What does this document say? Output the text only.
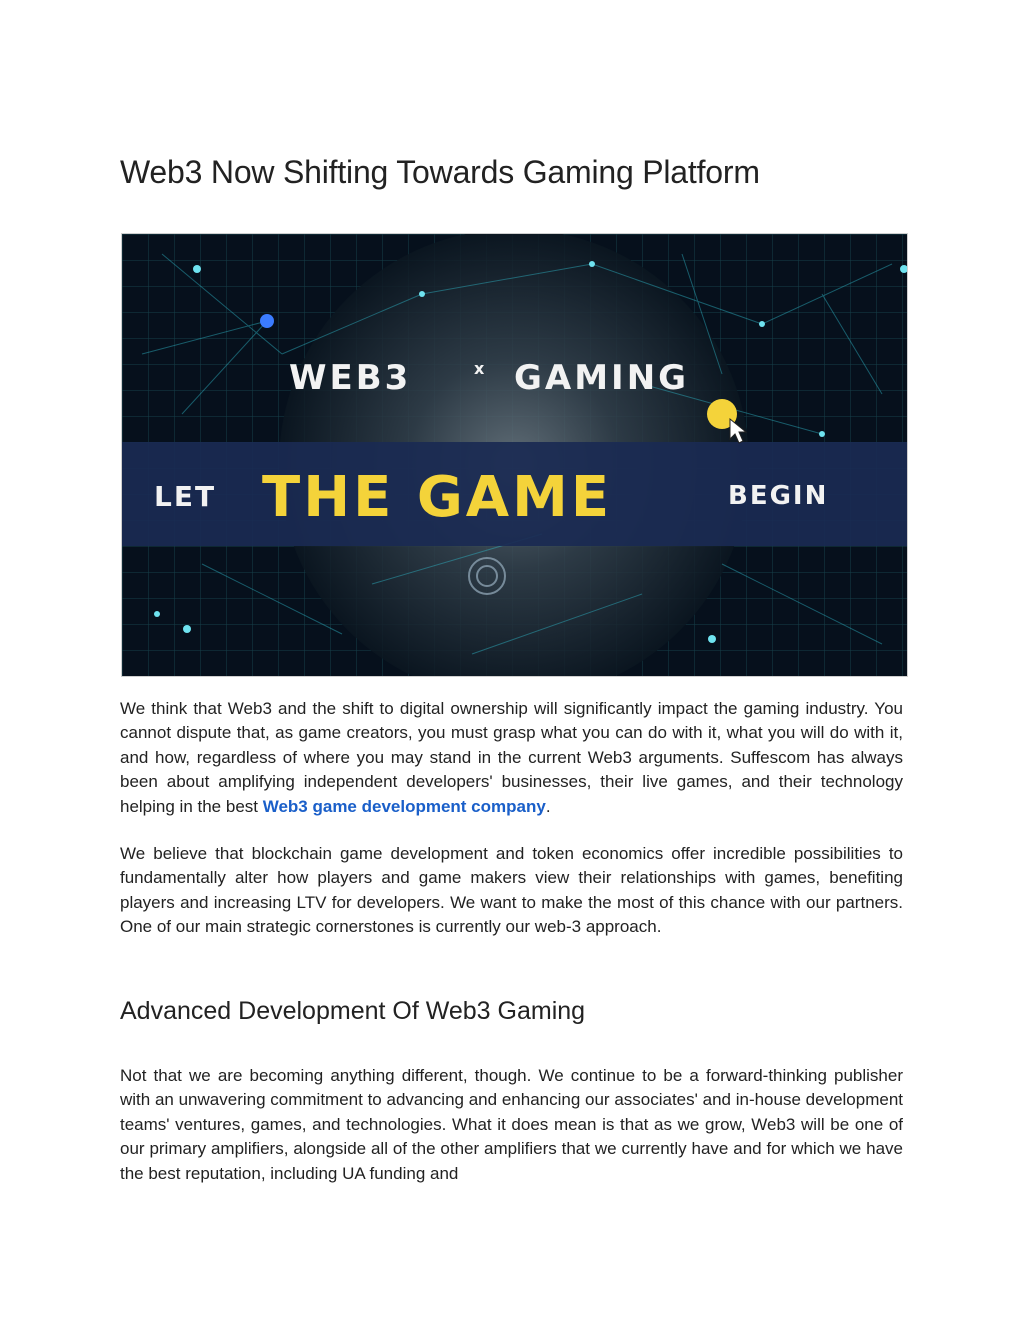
Web3 Now Shifting Towards Gaming Platform
WEB3	x GAMING
LET THE GAME	BEGIN

We think that Web3 and the shift to digital ownership will significantly impact the gaming industry. You cannot dispute that, as game creators, you must grasp what you can do with it, what you will do with it, and how, regardless of where you may stand in the current Web3 arguments. Suffescom has always been about amplifying independent developers' businesses, their live games, and their technology helping in the best Web3 game development company.

We believe that blockchain game development and token economics offer incredible possibilities to fundamentally alter how players and game makers view their relationships with games, benefiting players and increasing LTV for developers. We want to make the most of this chance with our partners. One of our main strategic cornerstones is currently our web-3 approach.

Advanced Development Of Web3 Gaming

Not that we are becoming anything different, though. We continue to be a forward-thinking publisher with an unwavering commitment to advancing and enhancing our associates' and in-house development teams' ventures, games, and technologies. What it does mean is that as we grow, Web3 will be one of our primary amplifiers, alongside all of the other amplifiers that we currently have and for which we have the best reputation, including UA funding and
